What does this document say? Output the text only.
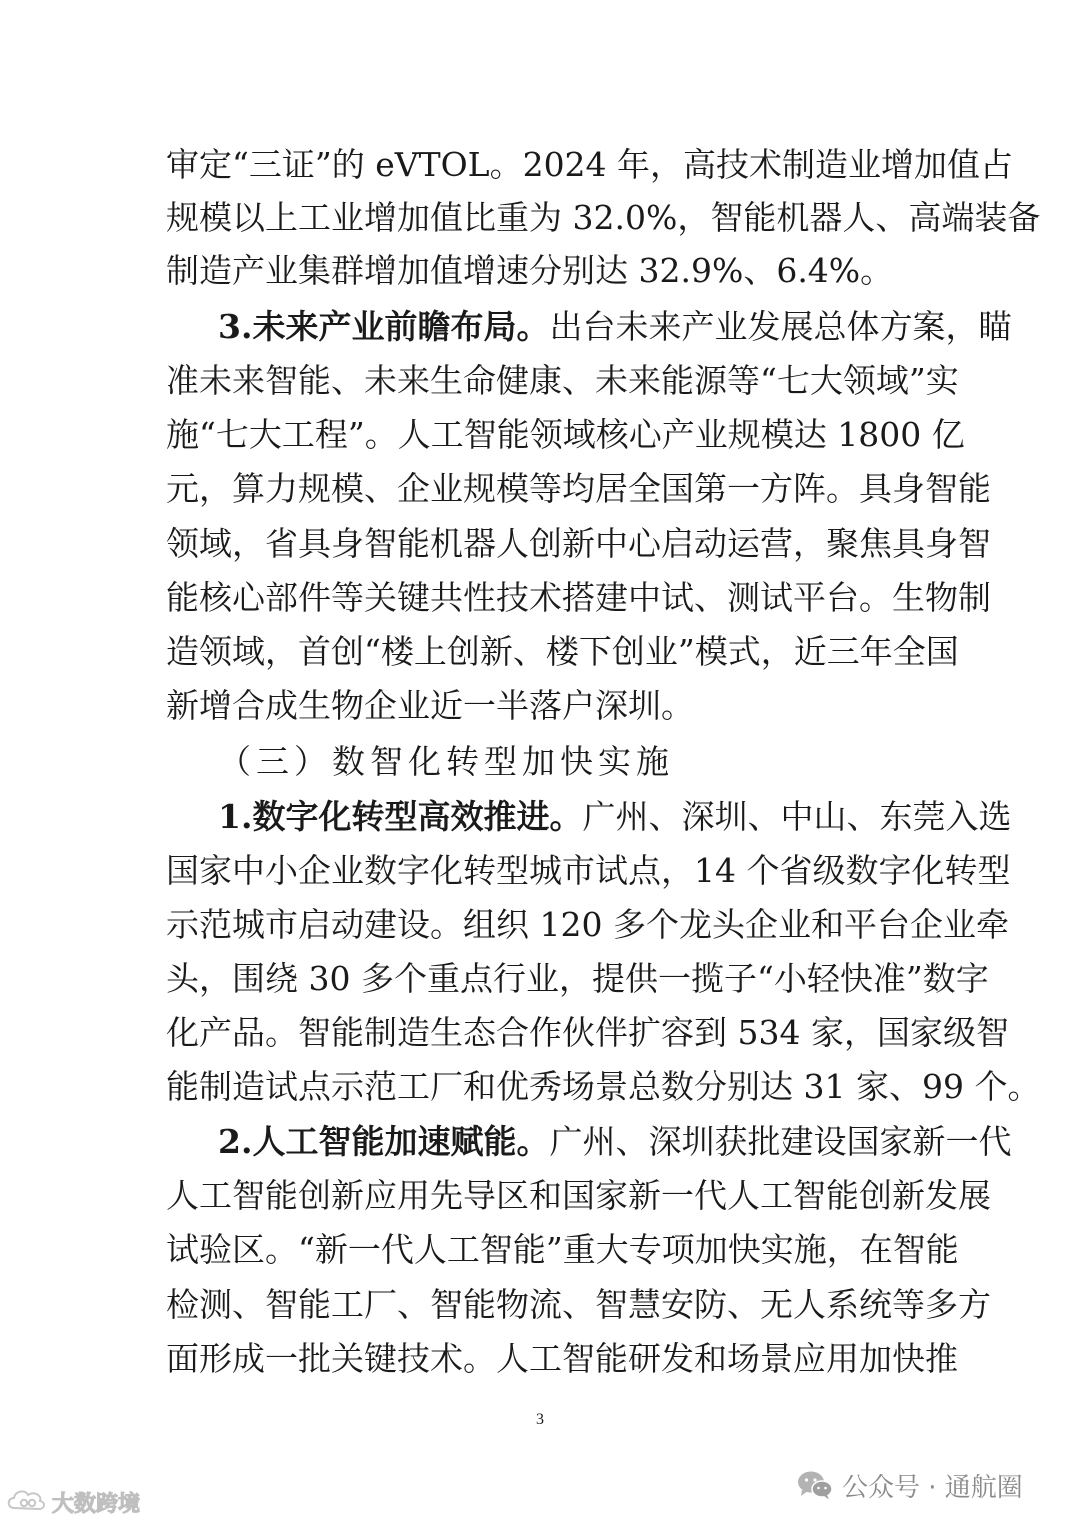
审定“三证”的 eVTOL。2024 年，高技术制造业增加值占
规模以上工业增加值比重为 32.0%，智能机器人、高端装备
制造产业集群增加值增速分别达 32.9%、6.4%。
3.未来产业前瞻布局。出台未来产业发展总体方案，瞄
准未来智能、未来生命健康、未来能源等“七大领域”实
施“七大工程”。人工智能领域核心产业规模达 1800 亿
元，算力规模、企业规模等均居全国第一方阵。具身智能
领域，省具身智能机器人创新中心启动运营，聚焦具身智
能核心部件等关键共性技术搭建中试、测试平台。生物制
造领域，首创“楼上创新、楼下创业”模式，近三年全国
新增合成生物企业近一半落户深圳。
（三）数智化转型加快实施
1.数字化转型高效推进。广州、深圳、中山、东莞入选
国家中小企业数字化转型城市试点，14 个省级数字化转型
示范城市启动建设。组织 120 多个龙头企业和平台企业牵
头，围绕 30 多个重点行业，提供一揽子“小轻快准”数字
化产品。智能制造生态合作伙伴扩容到 534 家，国家级智
能制造试点示范工厂和优秀场景总数分别达 31 家、99 个。
2.人工智能加速赋能。广州、深圳获批建设国家新一代
人工智能创新应用先导区和国家新一代人工智能创新发展
试验区。“新一代人工智能”重大专项加快实施，在智能
检测、智能工厂、智能物流、智慧安防、无人系统等多方
面形成一批关键技术。人工智能研发和场景应用加快推
3
大数跨境
公众号 · 通航圈
